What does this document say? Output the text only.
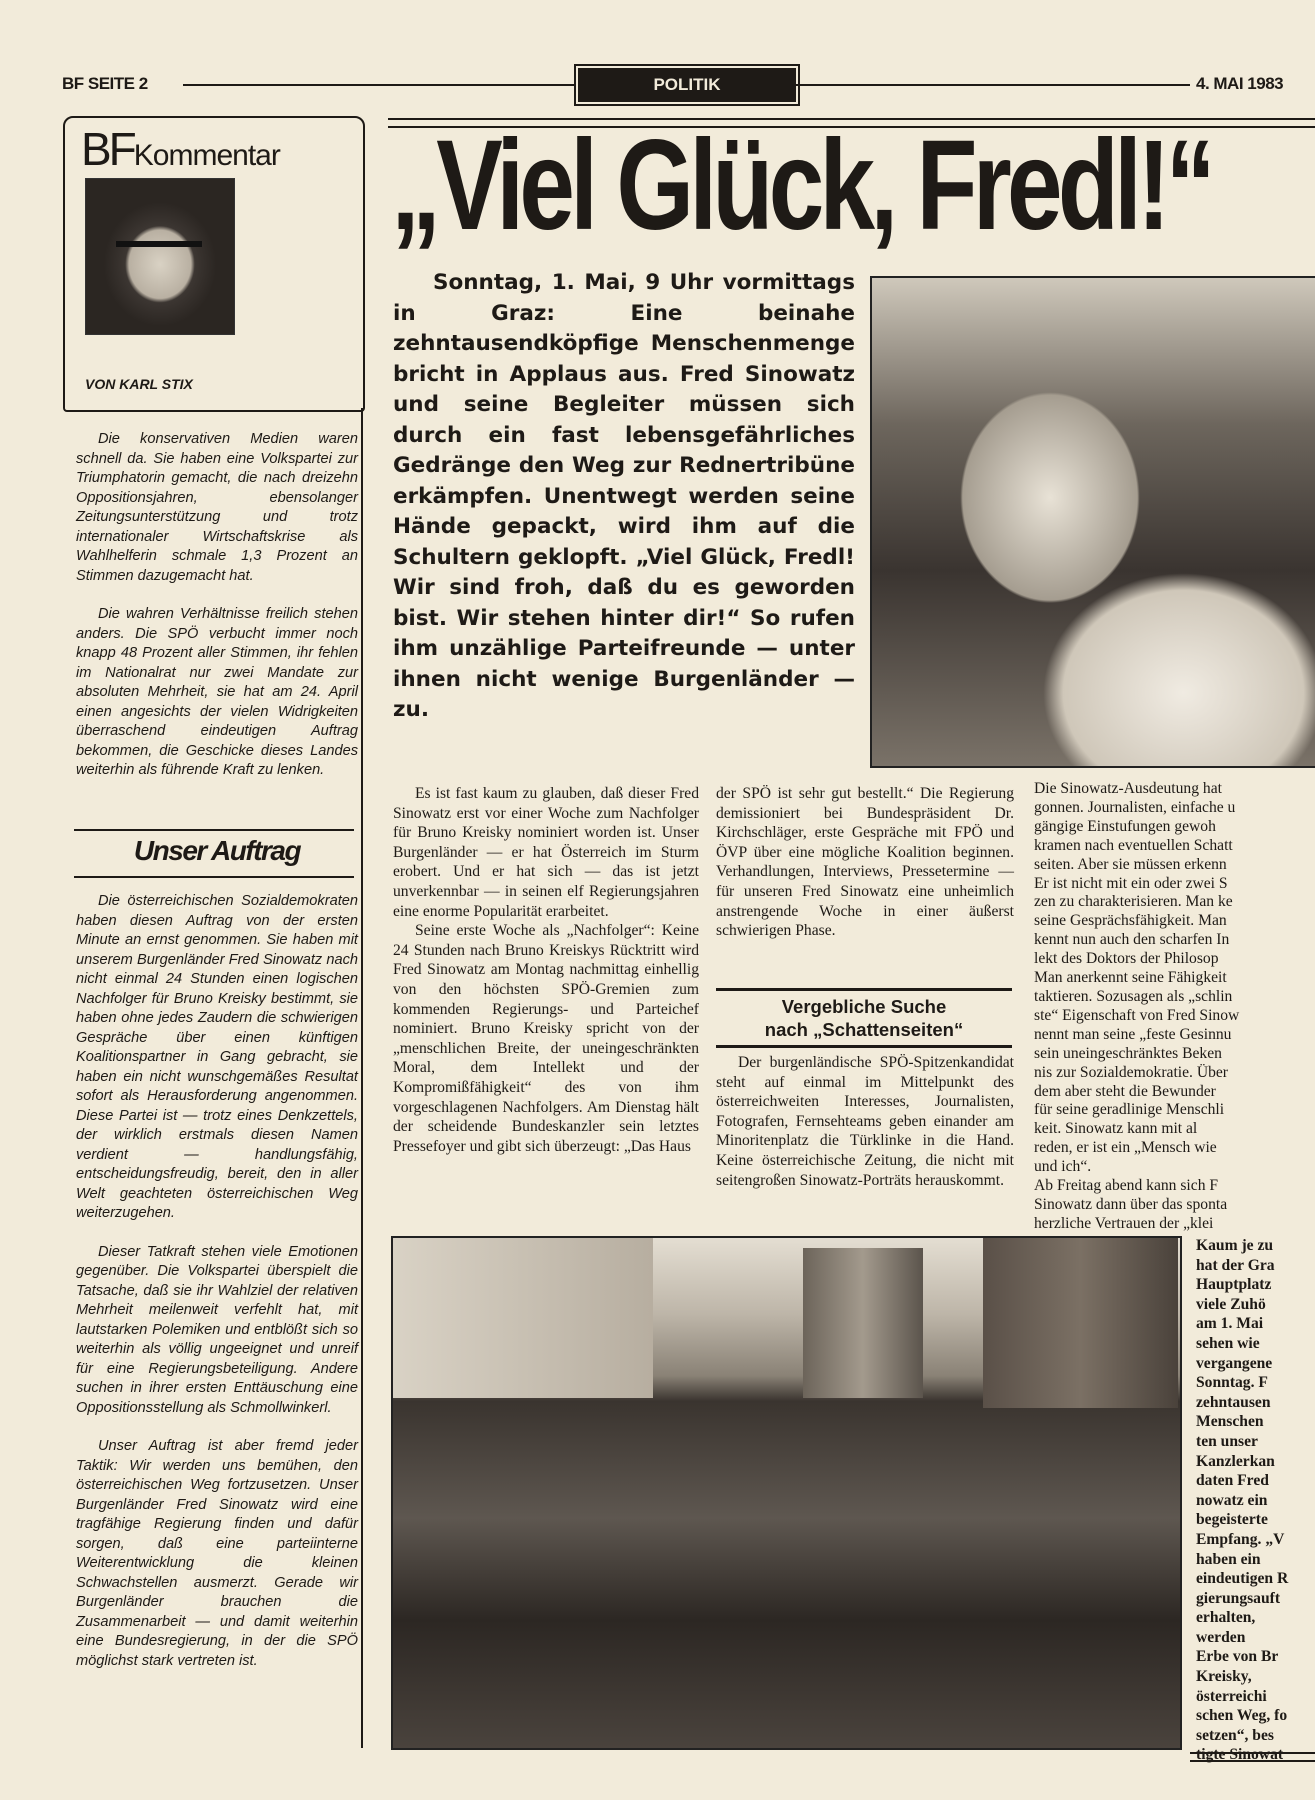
BF SEITE 2	POLITIK	4. MAI 1983
BFKommentar
VON KARL STIX

Die konservativen Medien waren schnell da. Sie haben eine Volkspartei zur Triumphatorin gemacht, die nach dreizehn Oppositionsjahren, ebensolanger Zeitungsunterstützung und trotz internationaler Wirtschaftskrise als Wahlhelferin schmale 1,3 Prozent an Stimmen dazugemacht hat.

Die wahren Verhältnisse freilich stehen anders. Die SPÖ verbucht immer noch knapp 48 Prozent aller Stimmen, ihr fehlen im Nationalrat nur zwei Mandate zur absoluten Mehrheit, sie hat am 24. April einen angesichts der vielen Widrigkeiten überraschend eindeutigen Auftrag bekommen, die Geschicke dieses Landes weiterhin als führende Kraft zu lenken.

Unser Auftrag

Die österreichischen Sozialdemokraten haben diesen Auftrag von der ersten Minute an ernst genommen. Sie haben mit unserem Burgenländer Fred Sinowatz nach nicht einmal 24 Stunden einen logischen Nachfolger für Bruno Kreisky bestimmt, sie haben ohne jedes Zaudern die schwierigen Gespräche über einen künftigen Koalitionspartner in Gang gebracht, sie haben ein nicht wunschgemäßes Resultat sofort als Herausforderung angenommen. Diese Partei ist — trotz eines Denkzettels, der wirklich erstmals diesen Namen verdient — handlungsfähig, entscheidungsfreudig, bereit, den in aller Welt geachteten österreichischen Weg weiterzugehen.

Dieser Tatkraft stehen viele Emotionen gegenüber. Die Volkspartei überspielt die Tatsache, daß sie ihr Wahlziel der relativen Mehrheit meilenweit verfehlt hat, mit lautstarken Polemiken und entblößt sich so weiterhin als völlig ungeeignet und unreif für eine Regierungsbeteiligung. Andere suchen in ihrer ersten Enttäuschung eine Oppositionsstellung als Schmollwinkerl.

Unser Auftrag ist aber fremd jeder Taktik: Wir werden uns bemühen, den österreichischen Weg fortzusetzen. Unser Burgenländer Fred Sinowatz wird eine tragfähige Regierung finden und dafür sorgen, daß eine parteiinterne Weiterentwicklung die kleinen Schwachstellen ausmerzt. Gerade wir Burgenländer brauchen die Zusammenarbeit — und damit weiterhin eine Bundesregierung, in der die SPÖ möglichst stark vertreten ist.

„Viel Glück, Fredl!“
Sonntag, 1. Mai, 9 Uhr vormittags in Graz: Eine beinahe zehntausendköpfige Menschenmenge bricht in Applaus aus. Fred Sinowatz und seine Begleiter müssen sich durch ein fast lebensgefährliches Gedränge den Weg zur Rednertribüne erkämpfen. Unentwegt werden seine Hände gepackt, wird ihm auf die Schultern geklopft. „Viel Glück, Fredl! Wir sind froh, daß du es geworden bist. Wir stehen hinter dir!“ So rufen ihm unzählige Parteifreunde — unter ihnen nicht wenige Burgenländer — zu.

Es ist fast kaum zu glauben, daß dieser Fred Sinowatz erst vor einer Woche zum Nachfolger für Bruno Kreisky nominiert worden ist. Unser Burgenländer — er hat Österreich im Sturm erobert. Und er hat sich — das ist jetzt unverkennbar — in seinen elf Regierungsjahren eine enorme Popularität erarbeitet.

Seine erste Woche als „Nachfolger“: Keine 24 Stunden nach Bruno Kreiskys Rücktritt wird Fred Sinowatz am Montag nachmittag einhellig von den höchsten SPÖ-Gremien zum kommenden Regierungs- und Parteichef nominiert. Bruno Kreisky spricht von der „menschlichen Breite, der uneingeschränkten Moral, dem Intellekt und der Kompromißfähigkeit“ des von ihm vorgeschlagenen Nachfolgers. Am Dienstag hält der scheidende Bundeskanzler sein letztes Pressefoyer und gibt sich überzeugt: „Das Haus

der SPÖ ist sehr gut bestellt.“ Die Regierung demissioniert bei Bundespräsident Dr. Kirchschläger, erste Gespräche mit FPÖ und ÖVP über eine mögliche Koalition beginnen. Verhandlungen, Interviews, Pressetermine — für unseren Fred Sinowatz eine unheimlich anstrengende Woche in einer äußerst schwierigen Phase.

Vergebliche Suche
nach „Schattenseiten“

Der burgenländische SPÖ-Spitzenkandidat steht auf einmal im Mittelpunkt des österreichweiten Interesses, Journalisten, Fotografen, Fernsehteams geben einander am Minoritenplatz die Türklinke in die Hand. Keine österreichische Zeitung, die nicht mit seitengroßen Sinowatz-Porträts herauskommt.

Die Sinowatz-Ausdeutung hat
gonnen. Journalisten, einfache u
gängige Einstufungen gewoh
kramen nach eventuellen Schatt
seiten. Aber sie müssen erkenn
Er ist nicht mit ein oder zwei S
zen zu charakterisieren. Man ke
seine Gesprächsfähigkeit. Man
kennt nun auch den scharfen In
lekt des Doktors der Philosop
Man anerkennt seine Fähigkeit
taktieren. Sozusagen als „schlin
ste“ Eigenschaft von Fred Sinow
nennt man seine „feste Gesinnu
sein uneingeschränktes Beken
nis zur Sozialdemokratie. Über
dem aber steht die Bewunder
für seine geradlinige Menschli
keit. Sinowatz kann mit al
reden, er ist ein „Mensch wie
und ich“.
Ab Freitag abend kann sich F
Sinowatz dann über das sponta
herzliche Vertrauen der „klei
Kaum je zu
hat der Gra
Hauptplatz
viele Zuhö
am 1. Mai
sehen wie
vergangene
Sonntag. F
zehntausen
Menschen
ten unser
Kanzlerkan
daten Fred
nowatz ein
begeisterte
Empfang. „V
haben ein
eindeutigen R
gierungsauft
erhalten,
werden
Erbe von Br
Kreisky,
österreichi
schen Weg, fo
setzen“, bes
tigte Sinowat
